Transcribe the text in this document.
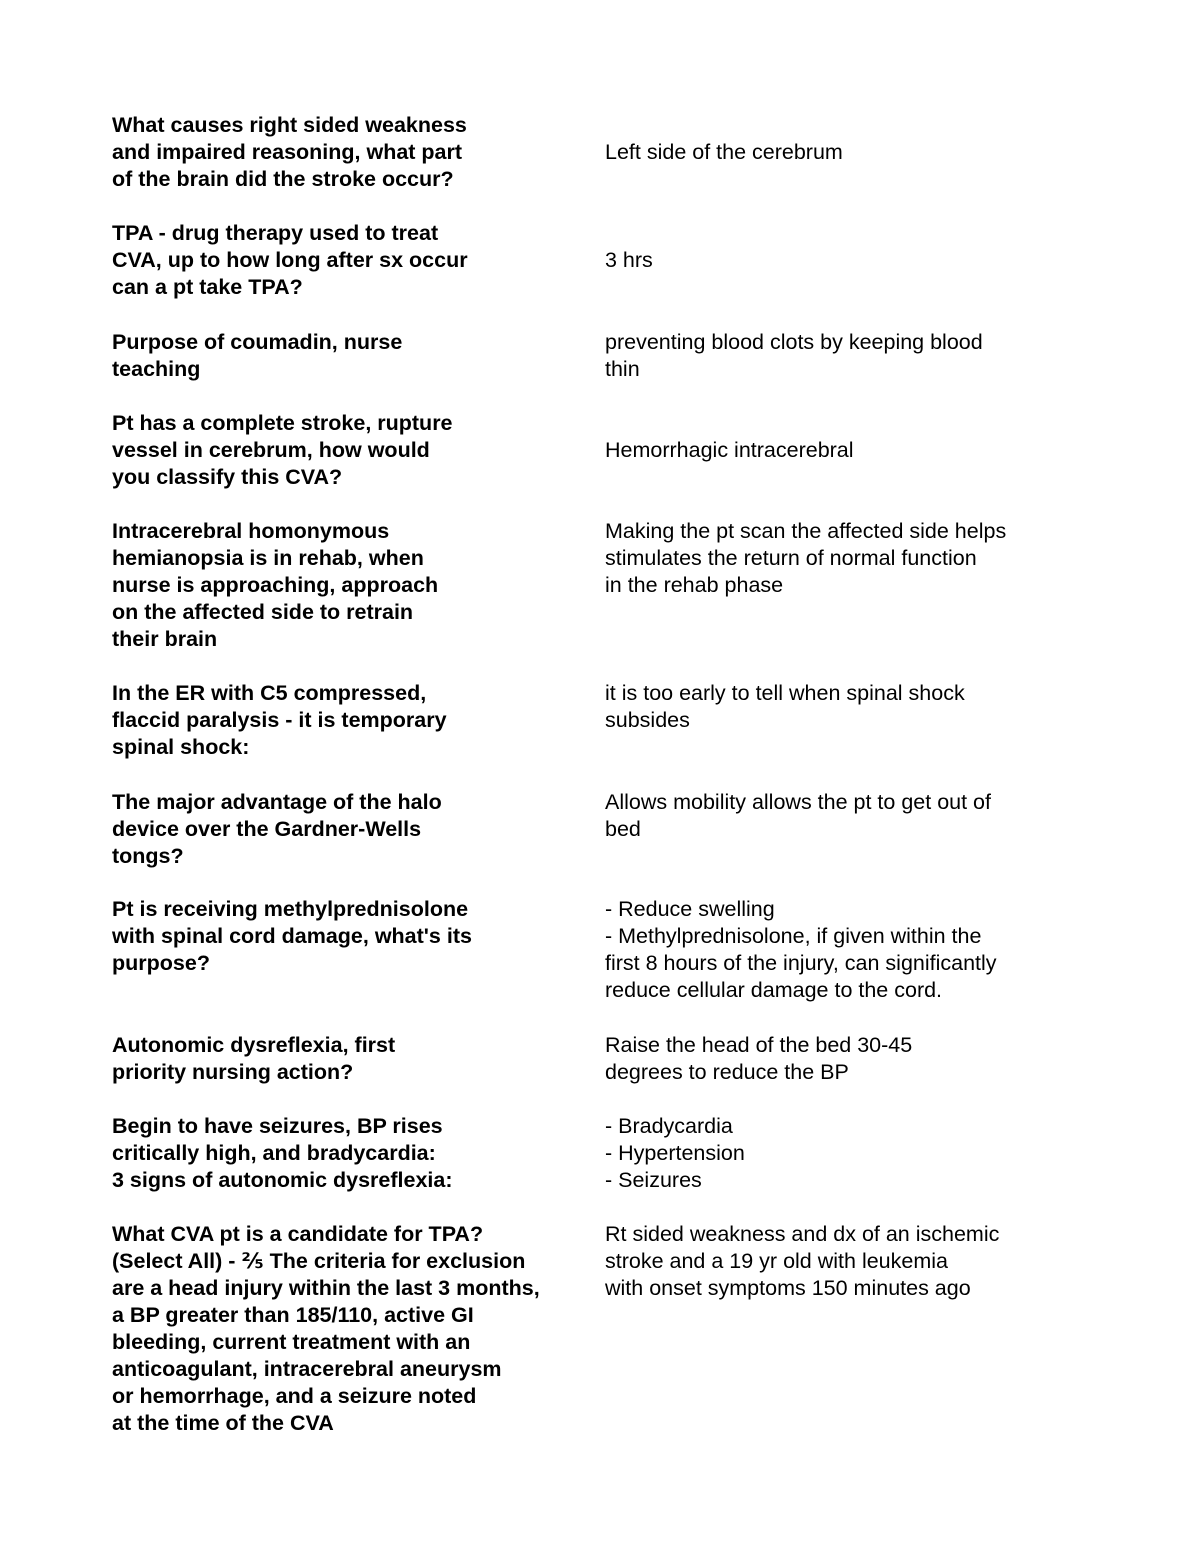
What causes right sided weakness
and impaired reasoning, what part
of the brain did the stroke occur?
Left side of the cerebrum
TPA - drug therapy used to treat
CVA, up to how long after sx occur
can a pt take TPA?
3 hrs
Purpose of coumadin, nurse
teaching
preventing blood clots by keeping blood
thin
Pt has a complete stroke, rupture
vessel in cerebrum, how would
you classify this CVA?
Hemorrhagic intracerebral
Intracerebral homonymous
hemianopsia is in rehab, when
nurse is approaching, approach
on the affected side to retrain
their brain
Making the pt scan the affected side helps
stimulates the return of normal function
in the rehab phase
In the ER with C5 compressed,
flaccid paralysis - it is temporary
spinal shock:
it is too early to tell when spinal shock
subsides
The major advantage of the halo
device over the Gardner-Wells
tongs?
Allows mobility allows the pt to get out of
bed
Pt is receiving methylprednisolone
with spinal cord damage, what's its
purpose?
- Reduce swelling
- Methylprednisolone, if given within the
first 8 hours of the injury, can significantly
reduce cellular damage to the cord.
Autonomic dysreflexia, first
priority nursing action?
Raise the head of the bed 30-45
degrees to reduce the BP
Begin to have seizures, BP rises
critically high, and bradycardia:
3 signs of autonomic dysreflexia:
- Bradycardia
- Hypertension
- Seizures
What CVA pt is a candidate for TPA?
(Select All) - ⅖ The criteria for exclusion
are a head injury within the last 3 months,
a BP greater than 185/110, active GI
bleeding, current treatment with an
anticoagulant, intracerebral aneurysm
or hemorrhage, and a seizure noted
at the time of the CVA
Rt sided weakness and dx of an ischemic
stroke and a 19 yr old with leukemia
with onset symptoms 150 minutes ago
